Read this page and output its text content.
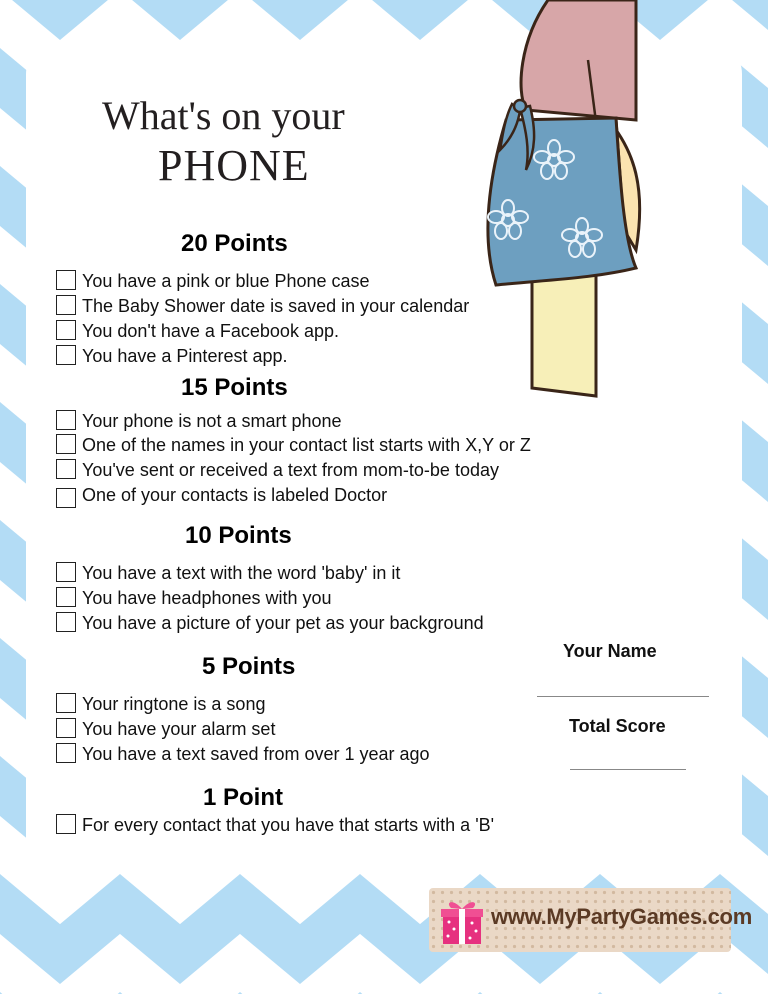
What's on your
PHONE
20 Points
You have a pink or blue Phone case
The Baby Shower date is saved in your calendar
You don't have a Facebook app.
You have a Pinterest app.
15 Points
Your phone is not a smart phone
One of the names in your contact list starts with X,Y or Z
You've sent or received a text from mom-to-be today
One of your contacts is labeled Doctor
10 Points
You have a text with the word 'baby' in it
You have headphones with you
You have a picture of your pet as your background
5 Points
Your ringtone is a song
You have your alarm set
You have a text saved from over 1 year ago
1 Point
For every contact that you have that starts with a 'B'
Your Name
Total Score
www.MyPartyGames.com
